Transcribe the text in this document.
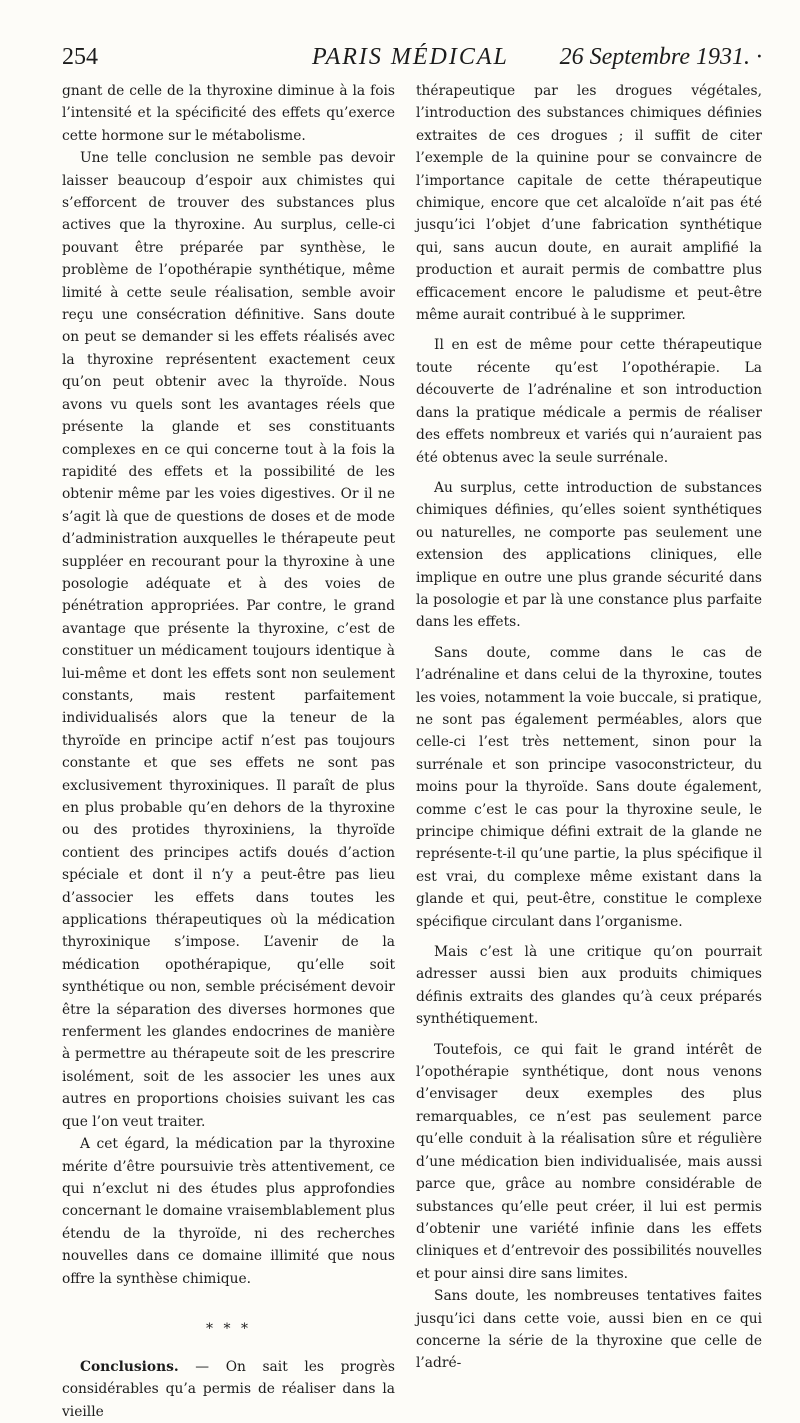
254	PARIS MÉDICAL 26 Septembre 1931. ·

gnant de celle de la thyroxine diminue à la fois l’intensité et la spécificité des effets qu’exerce cette hormone sur le métabolisme.

Une telle conclusion ne semble pas devoir laisser beaucoup d’espoir aux chimistes qui s’efforcent de trouver des substances plus actives que la thyroxine. Au surplus, celle-ci pouvant être préparée par synthèse, le problème de l’opothérapie synthétique, même limité à cette seule réalisation, semble avoir reçu une consécration définitive. Sans doute on peut se demander si les effets réalisés avec la thyroxine représentent exactement ceux qu’on peut obtenir avec la thyroïde. Nous avons vu quels sont les avantages réels que présente la glande et ses constituants complexes en ce qui concerne tout à la fois la rapidité des effets et la possibilité de les obtenir même par les voies digestives. Or il ne s’agit là que de questions de doses et de mode d’administration auxquelles le thérapeute peut suppléer en recourant pour la thyroxine à une posologie adéquate et à des voies de pénétration appropriées. Par contre, le grand avantage que présente la thyroxine, c’est de constituer un médicament toujours identique à lui-même et dont les effets sont non seulement constants, mais restent parfaitement individualisés alors que la teneur de la thyroïde en principe actif n’est pas toujours constante et que ses effets ne sont pas exclusivement thyroxiniques. Il paraît de plus en plus probable qu’en dehors de la thyroxine ou des protides thyroxiniens, la thyroïde contient des principes actifs doués d’action spéciale et dont il n’y a peut-être pas lieu d’associer les effets dans toutes les applications thérapeutiques où la médication thyroxinique s’impose. L’avenir de la médication opothérapique, qu’elle soit synthétique ou non, semble précisément devoir être la séparation des diverses hormones que renferment les glandes endocrines de manière à permettre au thérapeute soit de les prescrire isolément, soit de les associer les unes aux autres en proportions choisies suivant les cas que l’on veut traiter.

A cet égard, la médication par la thyroxine mérite d’être poursuivie très attentivement, ce qui n’exclut ni des études plus approfondies concernant le domaine vraisemblablement plus étendu de la thyroïde, ni des recherches nouvelles dans ce domaine illimité que nous offre la synthèse chimique.

* * *

Conclusions. — On sait les progrès considérables qu’a permis de réaliser dans la vieille

thérapeutique par les drogues végétales, l’introduction des substances chimiques définies extraites de ces drogues ; il suffit de citer l’exemple de la quinine pour se convaincre de l’importance capitale de cette thérapeutique chimique, encore que cet alcaloïde n’ait pas été jusqu’ici l’objet d’une fabrication synthétique qui, sans aucun doute, en aurait amplifié la production et aurait permis de combattre plus efficacement encore le paludisme et peut-être même aurait contribué à le supprimer.

Il en est de même pour cette thérapeutique toute récente qu’est l’opothérapie. La découverte de l’adrénaline et son introduction dans la pratique médicale a permis de réaliser des effets nombreux et variés qui n’auraient pas été obtenus avec la seule surrénale.

Au surplus, cette introduction de substances chimiques définies, qu’elles soient synthétiques ou naturelles, ne comporte pas seulement une extension des applications cliniques, elle implique en outre une plus grande sécurité dans la posologie et par là une constance plus parfaite dans les effets.

Sans doute, comme dans le cas de l’adrénaline et dans celui de la thyroxine, toutes les voies, notamment la voie buccale, si pratique, ne sont pas également perméables, alors que celle-ci l’est très nettement, sinon pour la surrénale et son principe vasoconstricteur, du moins pour la thyroïde. Sans doute également, comme c’est le cas pour la thyroxine seule, le principe chimique défini extrait de la glande ne représente-t-il qu’une partie, la plus spécifique il est vrai, du complexe même existant dans la glande et qui, peut-être, constitue le complexe spécifique circulant dans l’organisme.

Mais c’est là une critique qu’on pourrait adresser aussi bien aux produits chimiques définis extraits des glandes qu’à ceux préparés synthétiquement.

Toutefois, ce qui fait le grand intérêt de l’opothérapie synthétique, dont nous venons d’envisager deux exemples des plus remarquables, ce n’est pas seulement parce qu’elle conduit à la réalisation sûre et régulière d’une médication bien individualisée, mais aussi parce que, grâce au nombre considérable de substances qu’elle peut créer, il lui est permis d’obtenir une variété infinie dans les effets cliniques et d’entrevoir des possibilités nouvelles et pour ainsi dire sans limites.

Sans doute, les nombreuses tentatives faites jusqu’ici dans cette voie, aussi bien en ce qui concerne la série de la thyroxine que celle de l’adré-
